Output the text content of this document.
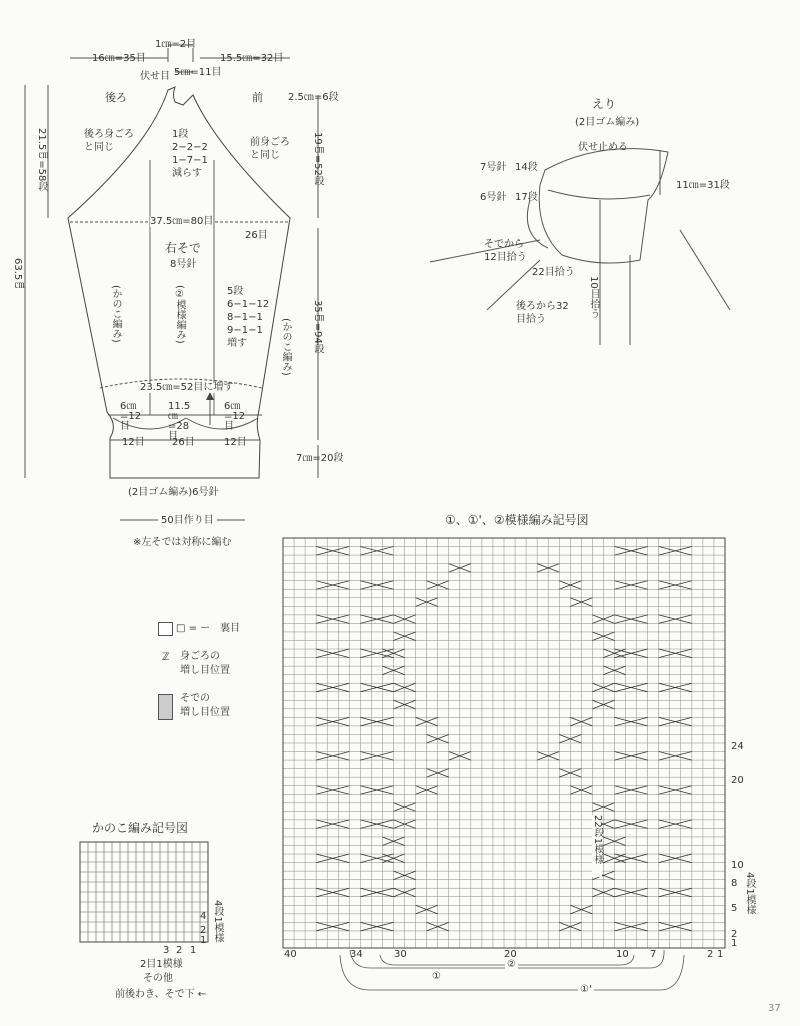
1㎝=2目
16㎝=35目	15.5㎝=32目
伏せ目 5㎝=11目
後ろ	前	2.5㎝=6段
21.5㎝=58段	後ろ身ごろと同じ
1段 2−2−2 1−7−1 減らす
前身ごろと同じ	19㎝=52段
37.5㎝=80目
26目
右そで
8号針
63.5㎝
(かのこ編み)	(②模様編み)	5段 6−1−12 8−1−1 9−1−1 増す	35㎝=94段
(かのこ編み)
23.5㎝=52目に増す
6㎝=12目
11.5㎝=28目
6㎝=12目
12目	26目	12目
7㎝=20段
(2目ゴム編み)6号針
50目作り目
※左そでは対称に編む
えり
(2目ゴム編み)
伏せ止める
7号針 14段
6号針 17段
11㎝=31段
そでから12目拾う
22目拾う
10目拾う
後ろから32目拾う
□ = ー 裏目
ℤ 身ごろの
増し目位置
そでの
増し目位置
かのこ編み記号図
4段1模様
4
2
1
3 2 1
2目1模様
その他
前後わき、そで下 ←
①、①'、②模様編み記号図
22段1模様
4段1模様
24
20
10
8
5
2
1
40	34	30	20	10 7	2 1
①
②
①'
37
